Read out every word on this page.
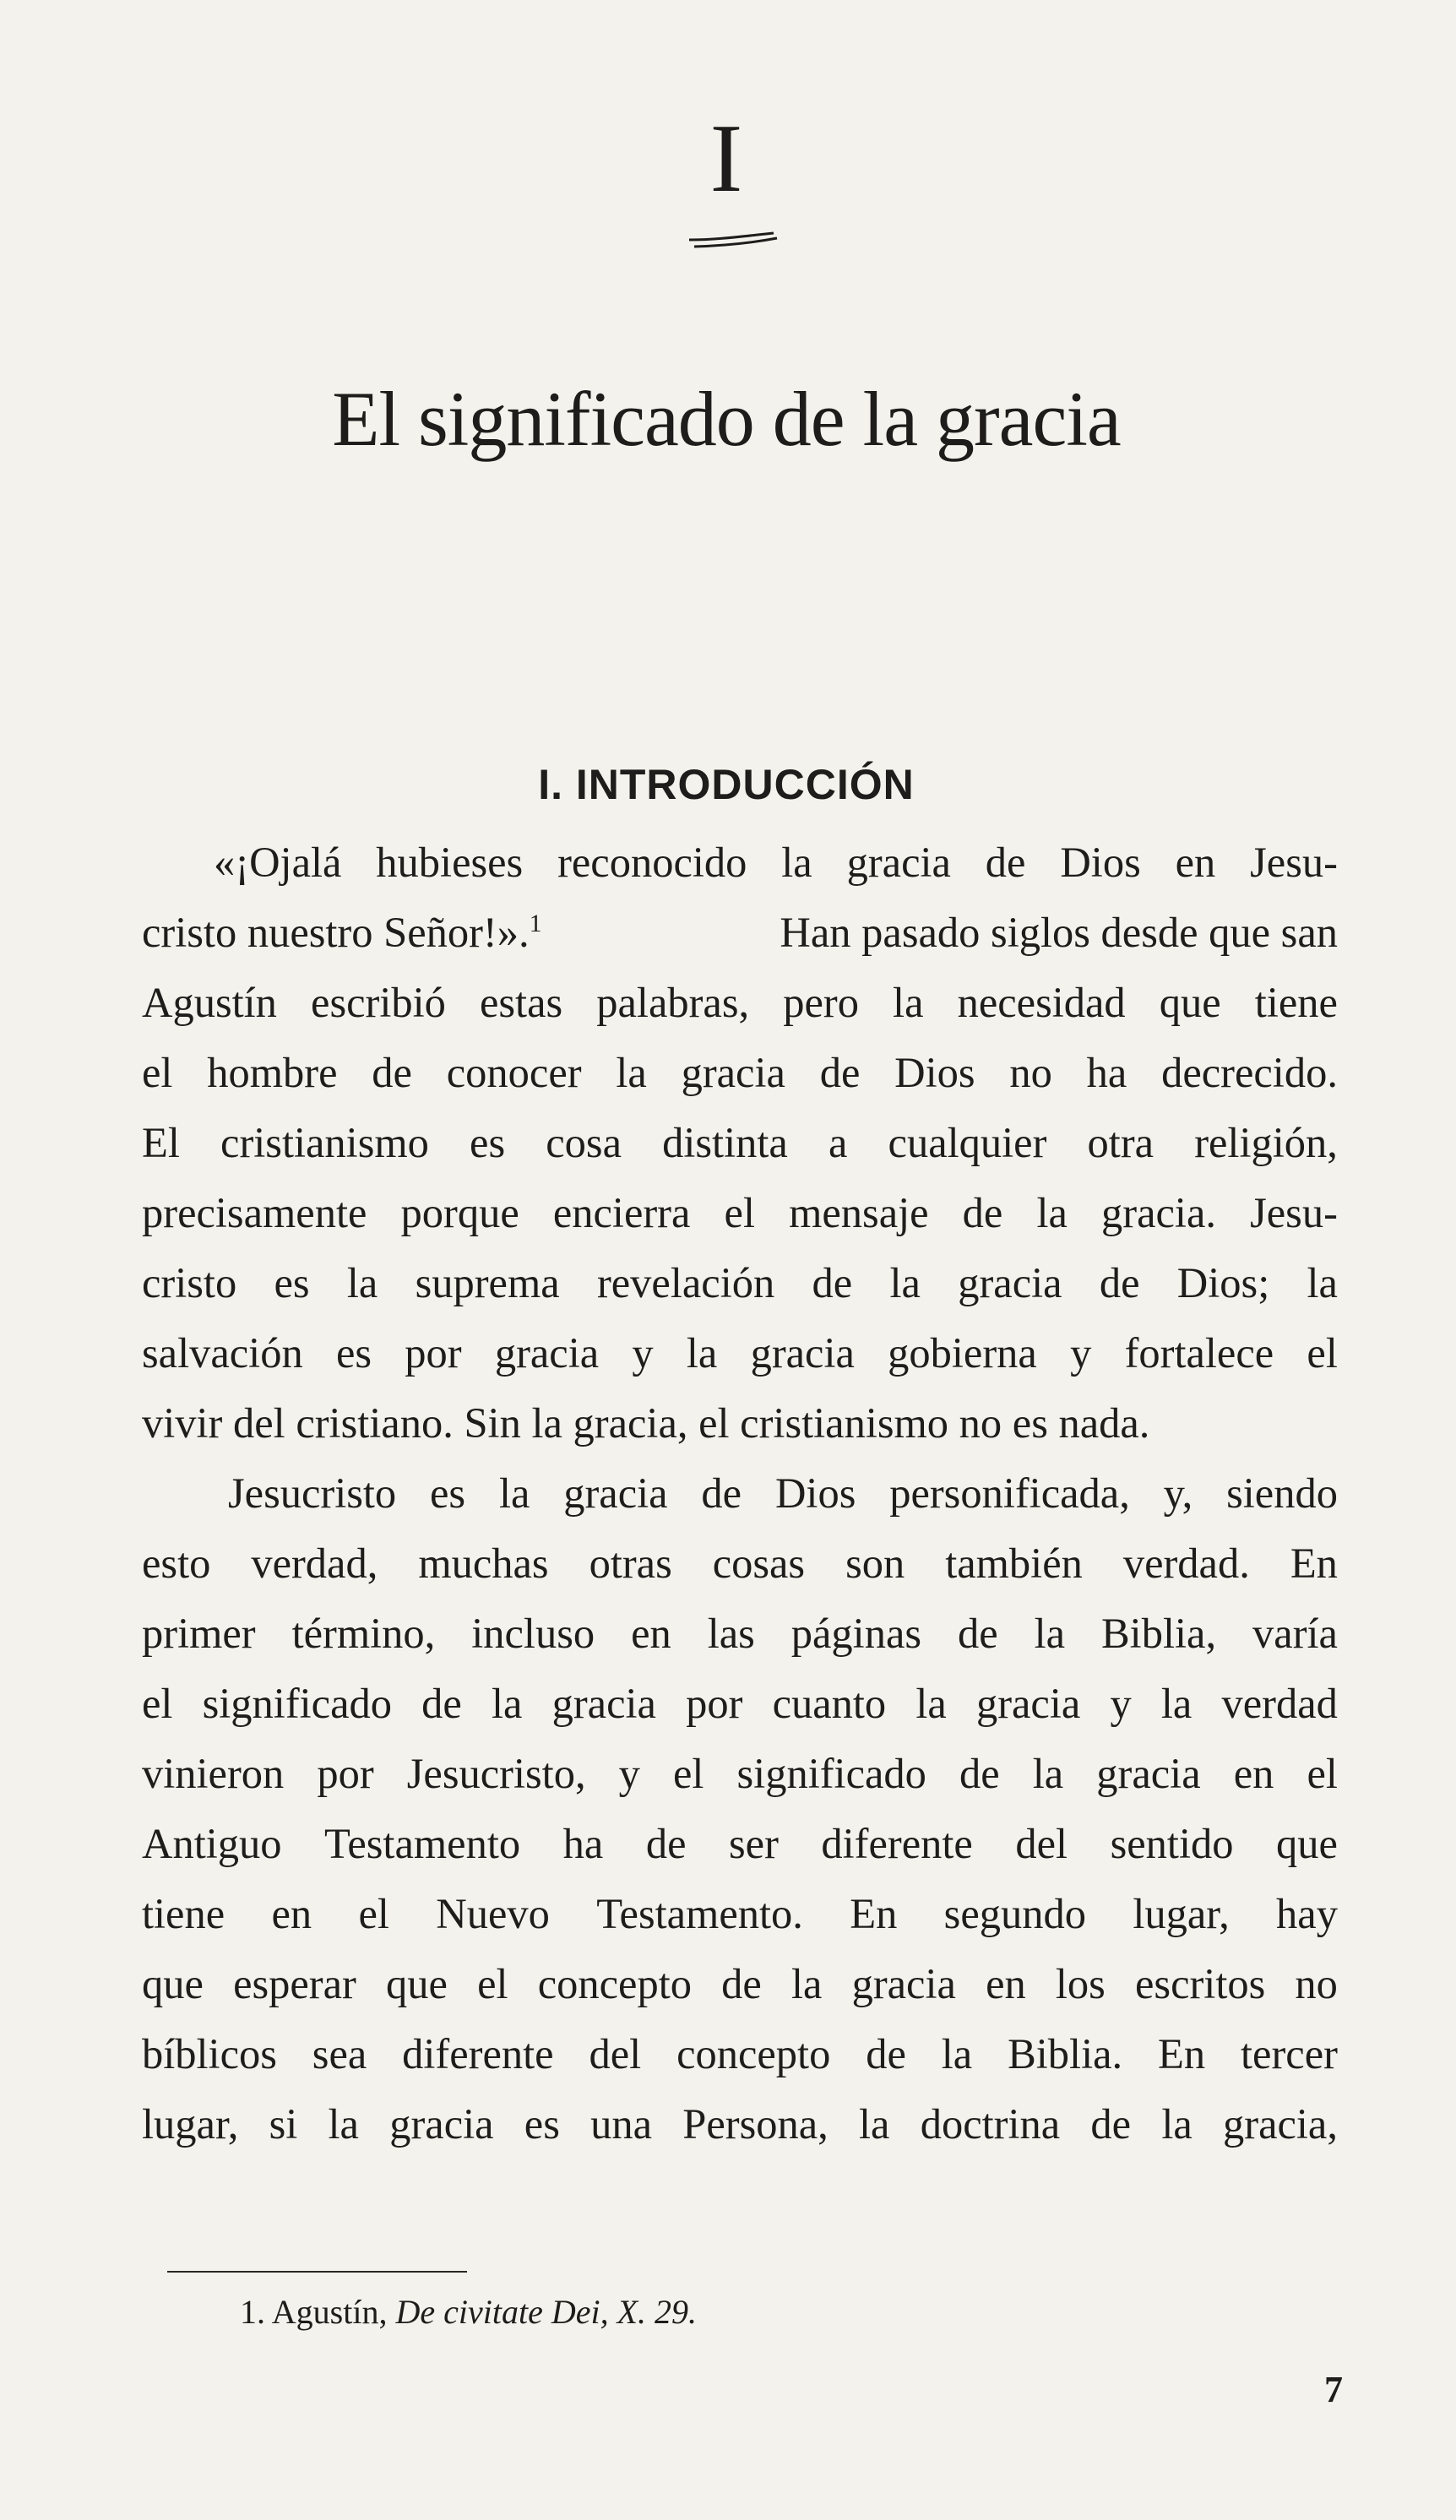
I
El significado de la gracia
I. INTRODUCCIÓN
«¡Ojalá hubieses reconocido la gracia de Dios en Jesu-
cristo nuestro Señor!».$^1$	Han pasado siglos desde que san
Agustín escribió estas palabras, pero la necesidad que tiene
el hombre de conocer la gracia de Dios no ha decrecido.
El cristianismo es cosa distinta a cualquier otra religión,
precisamente porque encierra el mensaje de la gracia. Jesu-
cristo es la suprema revelación de la gracia de Dios; la
salvación es por gracia y la gracia gobierna y fortalece el
vivir del cristiano. Sin la gracia, el cristianismo no es nada.
Jesucristo es la gracia de Dios personificada, y, siendo
esto verdad, muchas otras cosas son también verdad. En
primer término, incluso en las páginas de la Biblia, varía
el significado de la gracia por cuanto la gracia y la verdad
vinieron por Jesucristo, y el significado de la gracia en el
Antiguo Testamento ha de ser diferente del sentido que
tiene en el Nuevo Testamento. En segundo lugar, hay
que esperar que el concepto de la gracia en los escritos no
bíblicos sea diferente del concepto de la Biblia. En tercer
lugar, si la gracia es una Persona, la doctrina de la gracia,
1. Agustín, De civitate Dei, X. 29.
7
